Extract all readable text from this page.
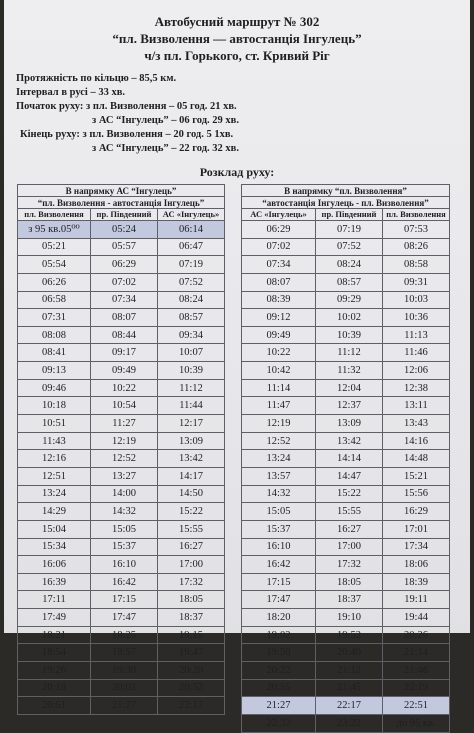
Автобусний маршрут № 302
“пл. Визволення — автостанція Інгулець”
ч/з пл. Горького, ст. Кривий Ріг
Протяжність по кільцю – 85,5 км.
Інтервал в русі – 33 хв.
Початок руху: з пл. Визволення – 05 год. 21 хв.
з АС “Інгулець” – 06 год. 29 хв.
Кінець руху: з пл. Визволення – 20 год. 5 1хв.
з АС “Інгулець” – 22 год. 32 хв.
Розклад руху:
В напрямку АС “Інгулець”		
“пл. Визволення - автостанція Інгулець”		
пл. Визволення	пр. Південний	АС «Інгулець»
з 95 кв.05⁰⁰	05:24	06:14
05:21	05:57	06:47
05:54	06:29	07:19
06:26	07:02	07:52
06:58	07:34	08:24
07:31	08:07	08:57
08:08	08:44	09:34
08:41	09:17	10:07
09:13	09:49	10:39
09:46	10:22	11:12
10:18	10:54	11:44
10:51	11:27	12:17
11:43	12:19	13:09
12:16	12:52	13:42
12:51	13:27	14:17
13:24	14:00	14:50
14:29	14:32	15:22
15:04	15:05	15:55
15:34	15:37	16:27
16:06	16:10	17:00
16:39	16:42	17:32
17:11	17:15	18:05
17:49	17:47	18:37
18:21	18:25	19:15
18:54	18:57	19:47
19:26	19:30	20:20
20:19	20:02	20:52
20:51	21:27	22:17
В напрямку “пл. Визволення”		
“автостанція Інгулець - пл. Визволення”		
АС «Інгулець»	пр. Південний	пл. Визволення
06:29	07:19	07:53
07:02	07:52	08:26
07:34	08:24	08:58
08:07	08:57	09:31
08:39	09:29	10:03
09:12	10:02	10:36
09:49	10:39	11:13
10:22	11:12	11:46
10:42	11:32	12:06
11:14	12:04	12:38
11:47	12:37	13:11
12:19	13:09	13:43
12:52	13:42	14:16
13:24	14:14	14:48
13:57	14:47	15:21
14:32	15:22	15:56
15:05	15:55	16:29
15:37	16:27	17:01
16:10	17:00	17:34
16:42	17:32	18:06
17:15	18:05	18:39
17:47	18:37	19:11
18:20	19:10	19:44
19:02	19:52	20:26
19:50	20:40	21:14
20:22	21:12	21:46
20:55	21:45	22:19
21:27	22:17	22:51
22:32	23:22	до 95 кв.
